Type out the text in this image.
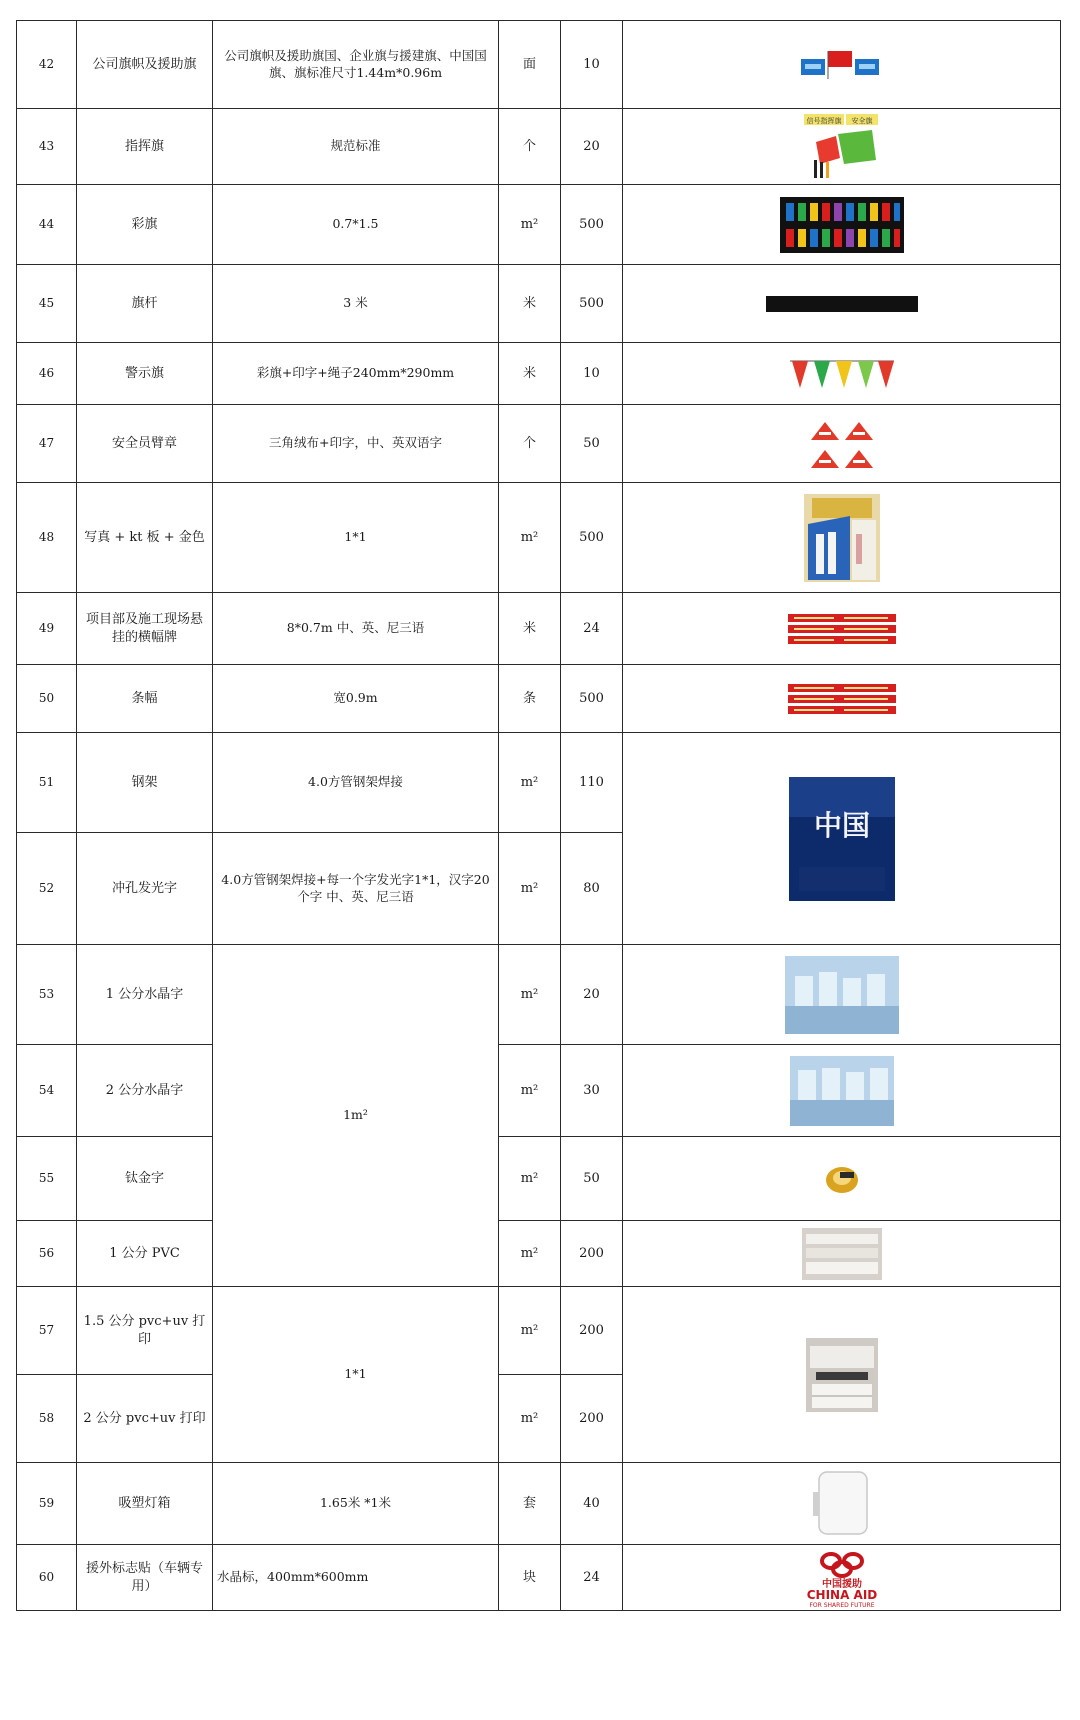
42	公司旗帜及援助旗	公司旗帜及援助旗国、企业旗与援建旗、中国国旗、旗标准尺寸1.44m*0.96m	面	10	

43	指挥旗	规范标准	个	20	信号指挥旗 安全旗

44	彩旗	0.7*1.5	m²	500	

45	旗杆	3 米	米	500	

46	警示旗	彩旗+印字+绳子240mm*290mm	米	10	

47	安全员臂章	三角绒布+印字，中、英双语字	个	50	

48	写真 + kt 板 + 金色	1*1	m²	500	

49	项目部及施工现场悬挂的横幅牌	8*0.7m 中、英、尼三语	米	24	

50	条幅	宽0.9m	条	500	

51	钢架	4.0方管钢架焊接	m²	110	中国

52	冲孔发光字	4.0方管钢架焊接+每一个字发光字1*1，汉字20个字 中、英、尼三语	m²	80	
53	1 公分水晶字	1m²	m²	20	

54	2 公分水晶字		m²	30	

55	钛金字		m²	50	

56	1 公分 PVC		m²	200	

57	1.5 公分 pvc+uv 打印	1*1	m²	200	

58	2 公分 pvc+uv 打印		m²	200	
59	吸塑灯箱	1.65米 *1米	套	40	

60	援外标志贴（车辆专用）	水晶标，400mm*600mm	块	24	中国援助
CHINA AID
FOR SHARED FUTURE
